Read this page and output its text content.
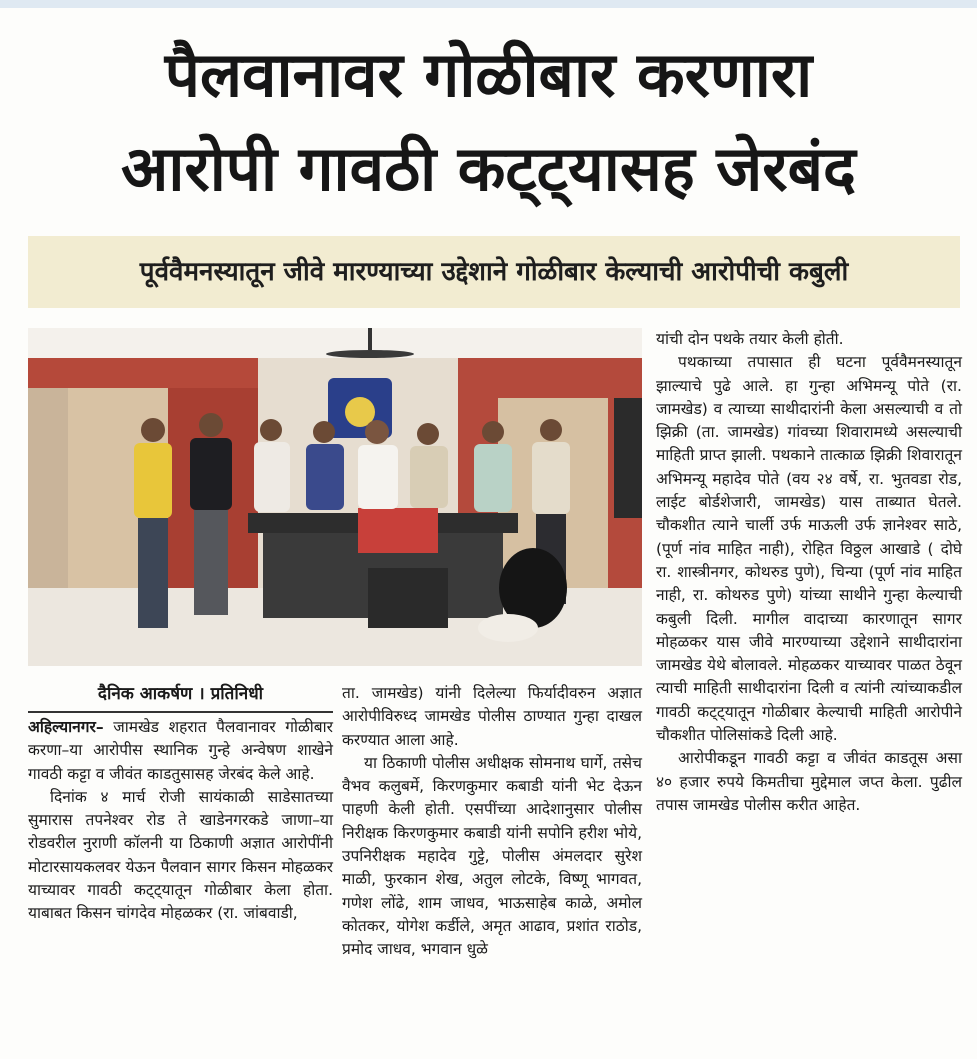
पैलवानावर गोळीबार करणारा
आरोपी गावठी कट्ट्यासह जेरबंद
पूर्ववैमनस्यातून जीवे मारण्याच्या उद्देशाने गोळीबार केल्याची आरोपीची कबुली
दैनिक आकर्षण । प्रतिनिधी

अहिल्यानगर– जामखेड शहरात पैलवानावर गोळीबार करणा–या आरोपीस स्थानिक गुन्हे अन्वेषण शाखेने गावठी कट्टा व जीवंत काडतुसासह जेरबंद केले आहे.

दिनांक ४ मार्च रोजी सायंकाळी साडेसातच्या सुमारास तपनेश्वर रोड ते खाडेनगरकडे जाणा–या रोडवरील नुराणी कॉलनी या ठिकाणी अज्ञात आरोपींनी मोटारसायकलवर येऊन पैलवान सागर किसन मोहळकर याच्यावर गावठी कट्ट्यातून गोळीबार केला होता. याबाबत किसन चांगदेव मोहळकर (रा. जांबवाडी,

ता. जामखेड) यांनी दिलेल्या फिर्यादीवरुन अज्ञात आरोपीविरुध्द जामखेड पोलीस ठाण्यात गुन्हा दाखल करण्यात आला आहे.

या ठिकाणी पोलीस अधीक्षक सोमनाथ घार्गे, तसेच वैभव कलुबर्मे, किरणकुमार कबाडी यांनी भेट देऊन पाहणी केली होती. एसपींच्या आदेशानुसार पोलीस निरीक्षक किरणकुमार कबाडी यांनी सपोनि हरीश भोये, उपनिरीक्षक महादेव गुट्टे, पोलीस अंमलदार सुरेश माळी, फुरकान शेख, अतुल लोटके, विष्णू भागवत, गणेश लोंढे, शाम जाधव, भाऊसाहेब काळे, अमोल कोतकर, योगेश कर्डीले, अमृत आढाव, प्रशांत राठोड, प्रमोद जाधव, भगवान धुळे

यांची दोन पथके तयार केली होती.

पथकाच्या तपासात ही घटना पूर्ववैमनस्यातून झाल्याचे पुढे आले. हा गुन्हा अभिमन्यू पोते (रा. जामखेड) व त्याच्या साथीदारांनी केला असल्याची व तो झिक्री (ता. जामखेड) गांवच्या शिवारामध्ये असल्याची माहिती प्राप्त झाली. पथकाने तात्काळ झिक्री शिवारातून अभिमन्यू महादेव पोते (वय २४ वर्षे, रा. भुतवडा रोड, लाईट बोर्डशेजारी, जामखेड) यास ताब्यात घेतले. चौकशीत त्याने चार्ली उर्फ माऊली उर्फ ज्ञानेश्वर साठे, (पूर्ण नांव माहित नाही), रोहित विठ्ठल आखाडे ( दोघे रा. शास्त्रीनगर, कोथरुड पुणे), चिन्या (पूर्ण नांव माहित नाही, रा. कोथरुड पुणे) यांच्या साथीने गुन्हा केल्याची कबुली दिली. मागील वादाच्या कारणातून सागर मोहळकर यास जीवे मारण्याच्या उद्देशाने साथीदारांना जामखेड येथे बोलावले. मोहळकर याच्यावर पाळत ठेवून त्याची माहिती साथीदारांना दिली व त्यांनी त्यांच्याकडील गावठी कट्ट्यातून गोळीबार केल्याची माहिती आरोपीने चौकशीत पोलिसांकडे दिली आहे.

आरोपीकडून गावठी कट्टा व जीवंत काडतूस असा ४० हजार रुपये किमतीचा मुद्देमाल जप्त केला. पुढील तपास जामखेड पोलीस करीत आहेत.
